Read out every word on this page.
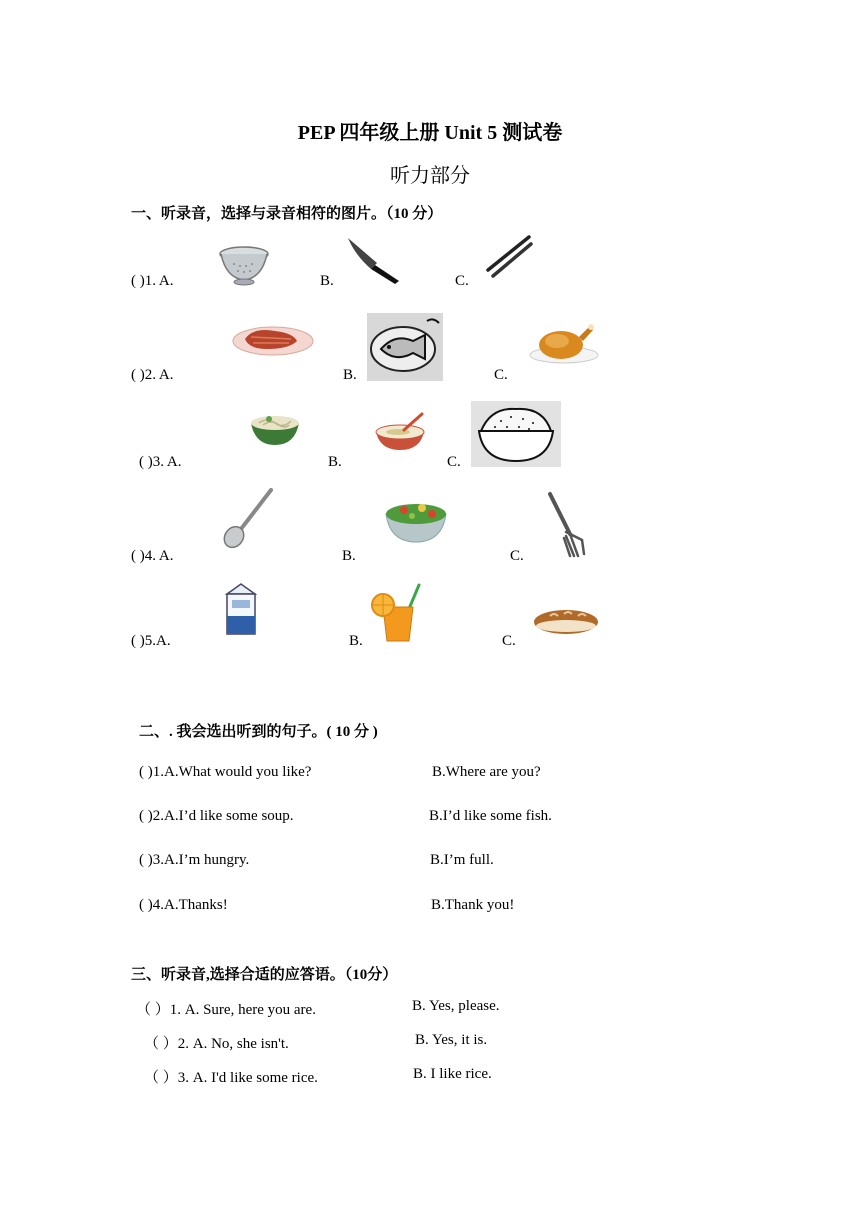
PEP 四年级上册 Unit 5 测试卷
听力部分
一、听录音，选择与录音相符的图片。（10 分）
( )1. A.	B.	C.
( )2. A.	B.	C.
( )3. A.	B.	C.
( )4. A.	B.	C.
( )5.A.	B.	C.
二、. 我会选出听到的句子。( 10 分 )
( )1.A.What would you like?	B.Where are you?
( )2.A.I’d like some soup.	B.I’d like some fish.
( )3.A.I’m hungry.	B.I’m full.
( )4.A.Thanks!	B.Thank you!
三、听录音,选择合适的应答语。（10分）
（ ）1. A. Sure, here you are.	B. Yes, please.
（ ）2. A. No, she isn't.	B. Yes, it is.
（ ）3. A. I'd like some rice.	B. I like rice.
